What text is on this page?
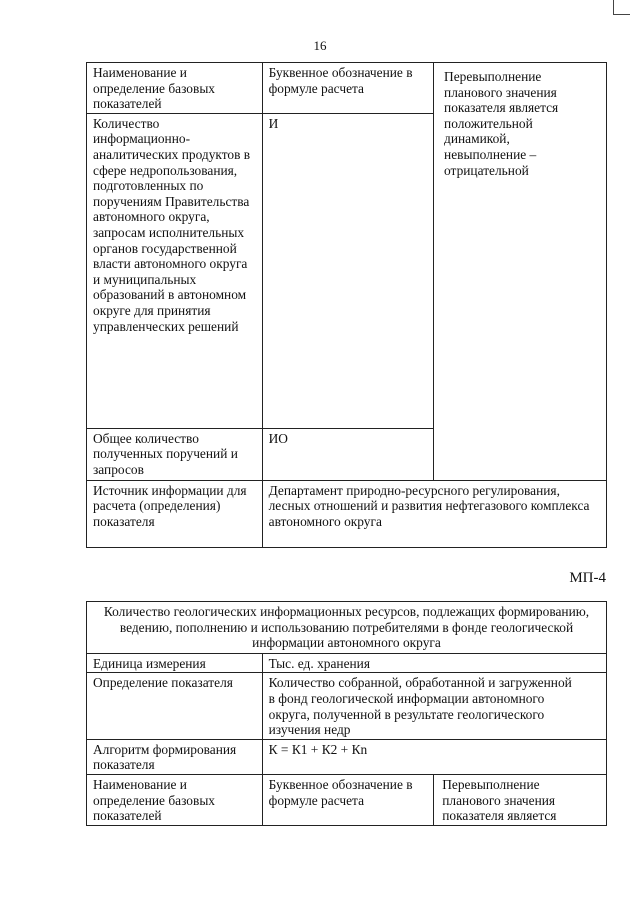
16
Наименование и определение базовых показателей	Буквенное обозначение в формуле расчета	Перевыполнение планового значения показателя является положительной динамикой, невыполнение – отрицательной

Количество информационно-аналитических продуктов в сфере недропользования, подготовленных по поручениям Правительства автономного округа, запросам исполнительных органов государственной власти автономного округа и муниципальных образований в автономном округе для принятия управленческих решений	И	
Общее количество полученных поручений и запросов	ИО	
Источник информации для расчета (определения) показателя	Департамент природно-ресурсного регулирования, лесных отношений и развития нефтегазового комплекса автономного округа	
МП-4
Количество геологических информационных ресурсов, подлежащих формированию, ведению, пополнению и использованию потребителями в фонде геологической информации автономного округа		
Единица измерения	Тыс. ед. хранения	
Определение показателя	Количество собранной, обработанной и загруженной в фонд геологической информации автономного округа, полученной в результате геологического изучения недр	
Алгоритм формирования показателя	К = К1 + К2 + Кn	
Наименование и определение базовых показателей	Буквенное обозначение в формуле расчета	Перевыполнение планового значения показателя является
